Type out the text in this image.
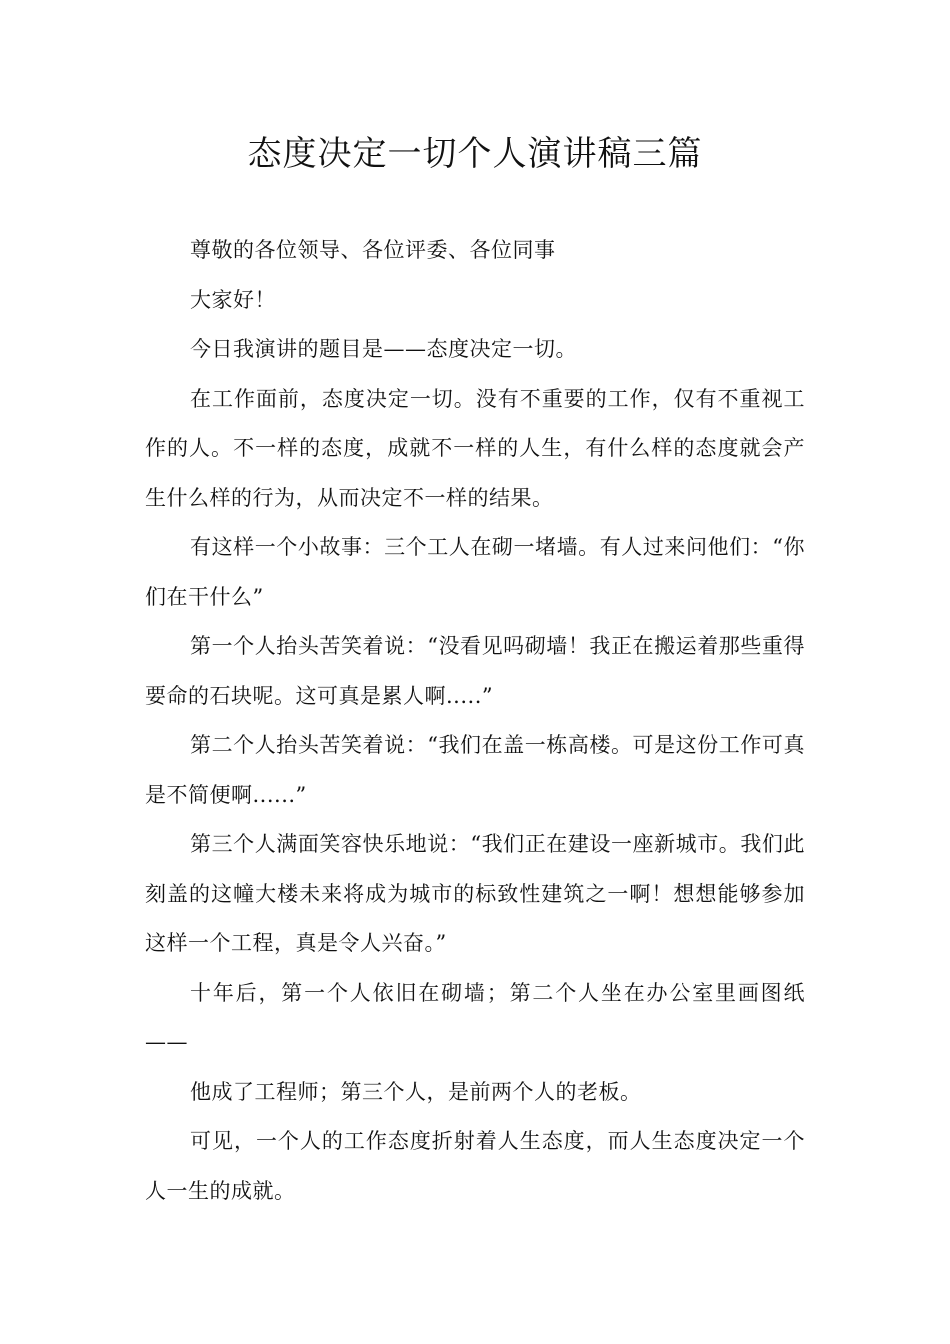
态度决定一切个人演讲稿三篇

尊敬的各位领导、各位评委、各位同事

大家好！

今日我演讲的题目是——态度决定一切。

在工作面前，态度决定一切。没有不重要的工作，仅有不重视工作的人。不一样的态度，成就不一样的人生，有什么样的态度就会产生什么样的行为，从而决定不一样的结果。

有这样一个小故事：三个工人在砌一堵墙。有人过来问他们：“你们在干什么”

第一个人抬头苦笑着说：“没看见吗砌墙！我正在搬运着那些重得要命的石块呢。这可真是累人啊.....”

第二个人抬头苦笑着说：“我们在盖一栋高楼。可是这份工作可真是不简便啊......”

第三个人满面笑容快乐地说：“我们正在建设一座新城市。我们此刻盖的这幢大楼未来将成为城市的标致性建筑之一啊！想想能够参加这样一个工程，真是令人兴奋。”

十年后，第一个人依旧在砌墙；第二个人坐在办公室里画图纸——

他成了工程师；第三个人，是前两个人的老板。

可见，一个人的工作态度折射着人生态度，而人生态度决定一个人一生的成就。
